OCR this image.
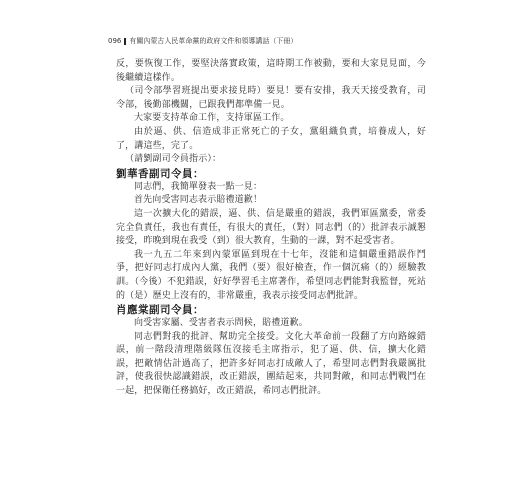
096 有關內蒙古人民革命黨的政府文件和領導講話（下冊）

反，要恢復工作，要堅決落實政策，這時期工作被動，要和大家見見面，今後繼續這樣作。

（司令部學習班提出要求接見時）要見！要有安排，我天天接受教育，司令部，後勤部機關，已跟我們都準備一見。

大家要支持革命工作，支持軍區工作。

由於逼、供、信造成非正常死亡的子女，黨組織負責，培養成人，好了，講這些，完了。

（請劉副司令員指示）：

劉華香副司令員：

同志們，我簡單發表一點一見：

首先向受害同志表示賠禮道歉！

這一次擴大化的錯誤，逼、供、信是嚴重的錯誤，我們軍區黨委，常委完全負責任，我也有責任，有很大的責任，（對）同志們（的）批評表示誠懇接受，昨晚到現在我受（到）很大教育，生動的一課，對不起受害者。

我一九五二年來到內蒙軍區到現在十七年，沒能和這個嚴重錯誤作鬥爭，把好同志打成內人黨，我們（要）很好檢查，作一個沉痛（的）經驗教訓。（今後）不犯錯誤，好好學習毛主席著作，希望同志們能對我監督，死站的（是）歷史上沒有的，非常嚴重，我表示接受同志們批評。

肖應棠副司令員：

向受害家屬、受害者表示問候，賠禮道歉。

同志們對我的批評、幫助完全接受。文化大革命前一段翻了方向路線錯誤，前一階段清理階級隊伍沒接毛主席指示，犯了逼、供、信，擴大化錯誤，把敵情估計過高了，把許多好同志打成敵人了，希望同志們對我嚴厲批評，使我很快認識錯誤，改正錯誤，團結起來，共同對敵，和同志們戰鬥在一起，把保衛任務搞好，改正錯誤，希同志們批評。
